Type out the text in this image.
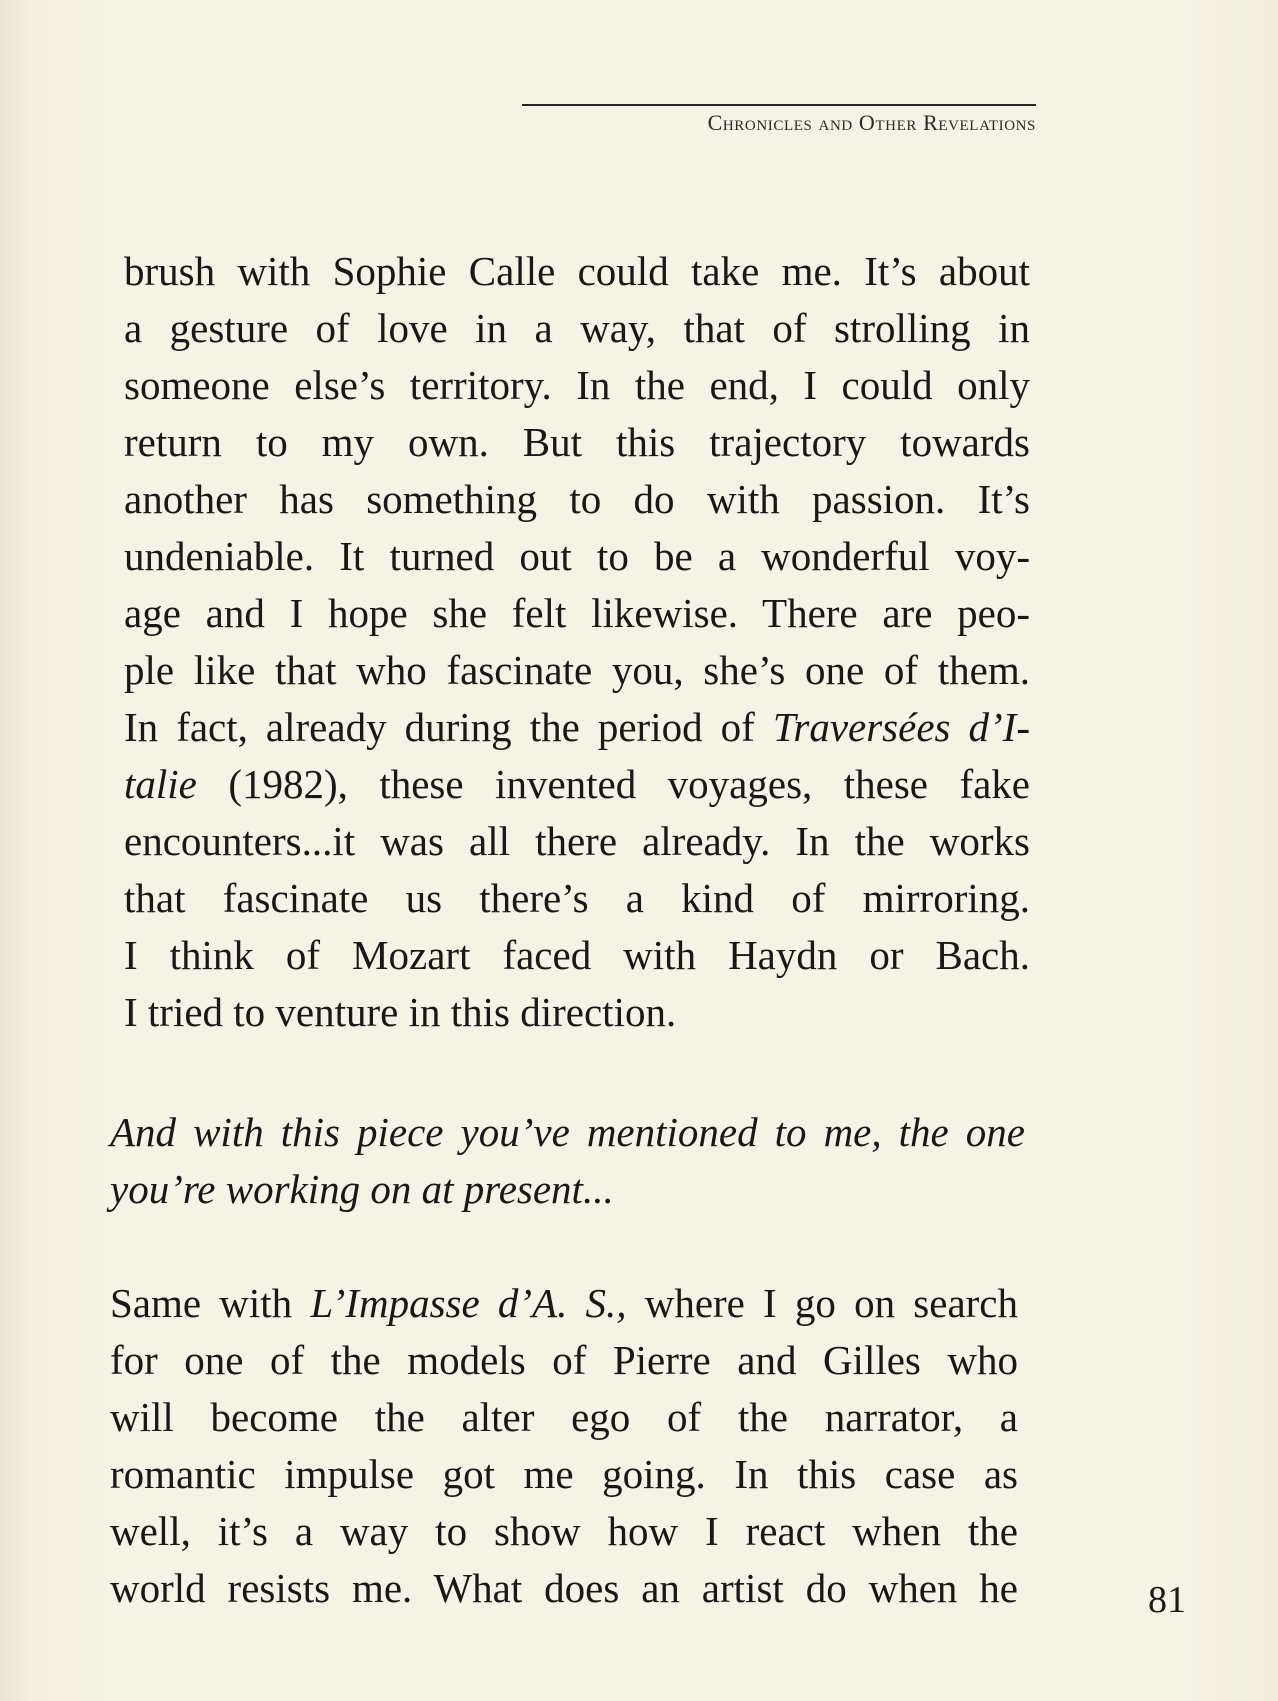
Chronicles and Other Revelations
brush with Sophie Calle could take me. It’s about
a gesture of love in a way, that of strolling in
someone else’s territory. In the end, I could only
return to my own. But this trajectory towards
another has something to do with passion. It’s
undeniable. It turned out to be a wonderful voy-
age and I hope she felt likewise. There are peo-
ple like that who fascinate you, she’s one of them.
In fact, already during the period of Traversées d’I-
talie (1982), these invented voyages, these fake
encounters...it was all there already. In the works
that fascinate us there’s a kind of mirroring.
I think of Mozart faced with Haydn or Bach.
I tried to venture in this direction.
And with this piece you’ve mentioned to me, the one
you’re working on at present...
Same with L’Impasse d’A. S., where I go on search
for one of the models of Pierre and Gilles who
will become the alter ego of the narrator, a
romantic impulse got me going. In this case as
well, it’s a way to show how I react when the
world resists me. What does an artist do when he	81
